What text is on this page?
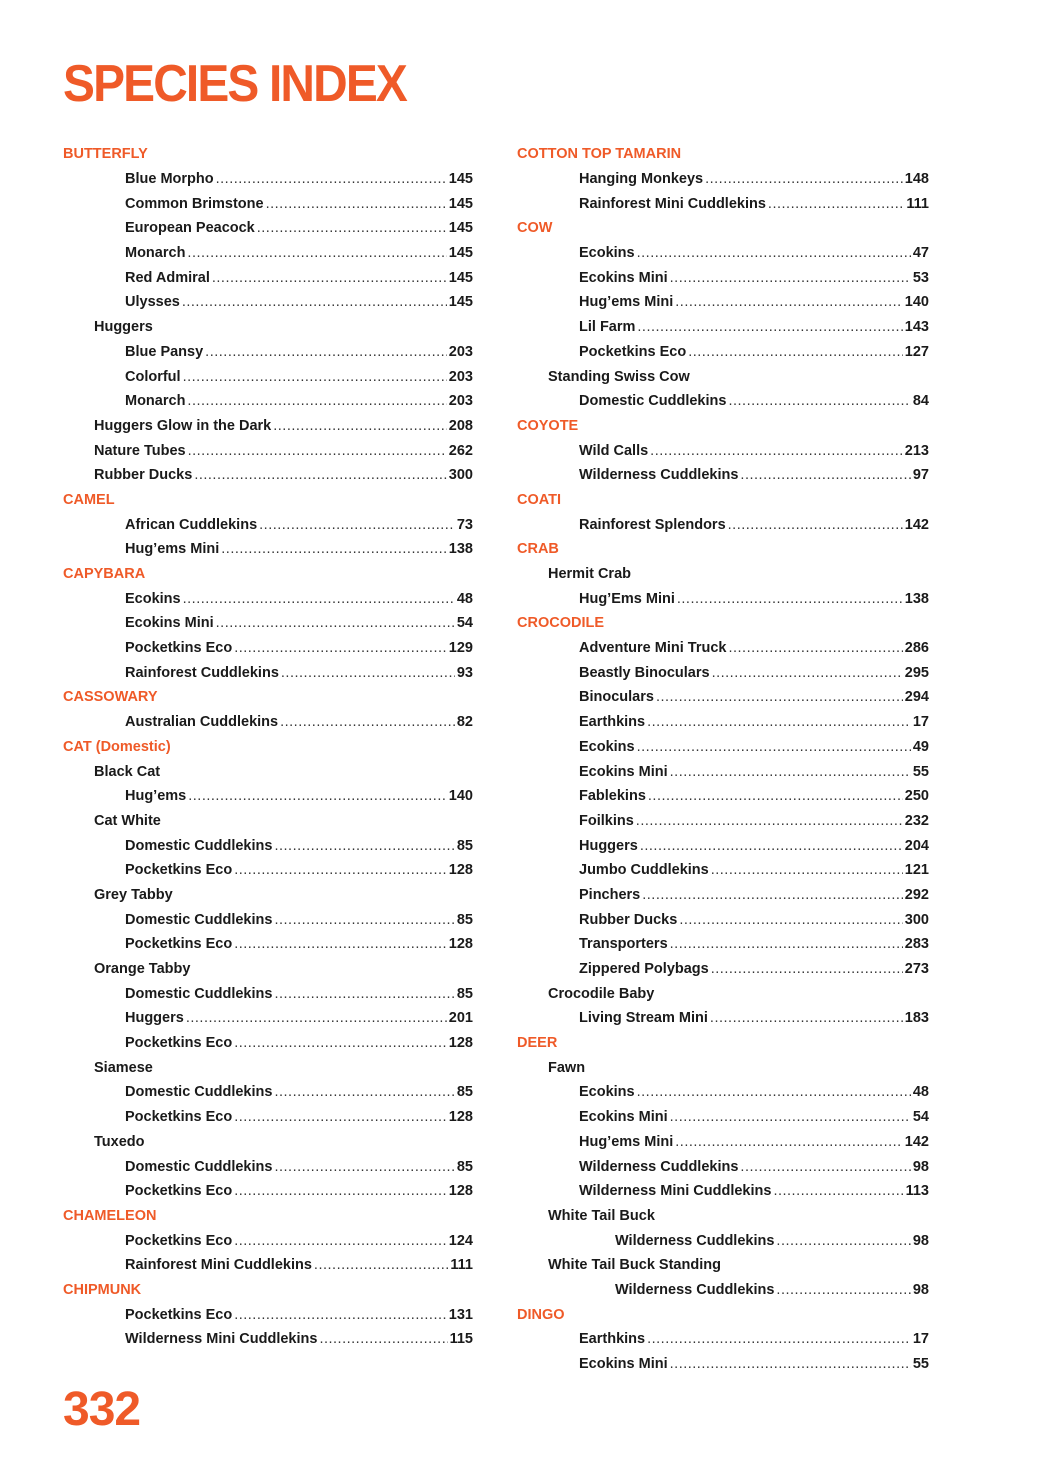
SPECIES INDEX
BUTTERFLY
Blue Morpho .....	145
Common Brimstone .....	145
European Peacock .....	145
Monarch .....	145
Red Admiral .....	145
Ulysses .....	145
Huggers
Blue Pansy .....	203
Colorful .....	203
Monarch .....	203
Huggers Glow in the Dark .....	208
Nature Tubes .....	262
Rubber Ducks .....	300
CAMEL
African Cuddlekins .....	73
Hug’ems Mini .....	138
CAPYBARA
Ecokins .....	48
Ecokins Mini .....	54
Pocketkins Eco .....	129
Rainforest Cuddlekins .....	93
CASSOWARY
Australian Cuddlekins .....	82
CAT (Domestic)
Black Cat
Hug’ems .....	140
Cat White
Domestic Cuddlekins .....	85
Pocketkins Eco .....	128
Grey Tabby
Domestic Cuddlekins .....	85
Pocketkins Eco .....	128
Orange Tabby
Domestic Cuddlekins .....	85
Huggers .....	201
Pocketkins Eco .....	128
Siamese
Domestic Cuddlekins .....	85
Pocketkins Eco .....	128
Tuxedo
Domestic Cuddlekins .....	85
Pocketkins Eco .....	128
CHAMELEON
Pocketkins Eco .....	124
Rainforest Mini Cuddlekins .....	111
CHIPMUNK
Pocketkins Eco .....	131
Wilderness Mini Cuddlekins .....	115
COTTON TOP TAMARIN
Hanging Monkeys .....	148
Rainforest Mini Cuddlekins .....	111
COW
Ecokins .....	47
Ecokins Mini .....	53
Hug’ems Mini .....	140
Lil Farm .....	143
Pocketkins Eco .....	127
Standing Swiss Cow
Domestic Cuddlekins .....	84
COYOTE
Wild Calls .....	213
Wilderness Cuddlekins .....	97
COATI
Rainforest Splendors .....	142
CRAB
Hermit Crab
Hug’Ems Mini .....	138
CROCODILE
Adventure Mini Truck .....	286
Beastly Binoculars .....	295
Binoculars .....	294
Earthkins .....	17
Ecokins .....	49
Ecokins Mini .....	55
Fablekins .....	250
Foilkins .....	232
Huggers .....	204
Jumbo Cuddlekins .....	121
Pinchers .....	292
Rubber Ducks .....	300
Transporters .....	283
Zippered Polybags .....	273
Crocodile Baby
Living Stream Mini .....	183
DEER
Fawn
Ecokins .....	48
Ecokins Mini .....	54
Hug’ems Mini .....	142
Wilderness Cuddlekins .....	98
Wilderness Mini Cuddlekins .....	113
White Tail Buck
Wilderness Cuddlekins .....	98
White Tail Buck Standing
Wilderness Cuddlekins .....	98
DINGO
Earthkins .....	17
Ecokins Mini .....	55
332
